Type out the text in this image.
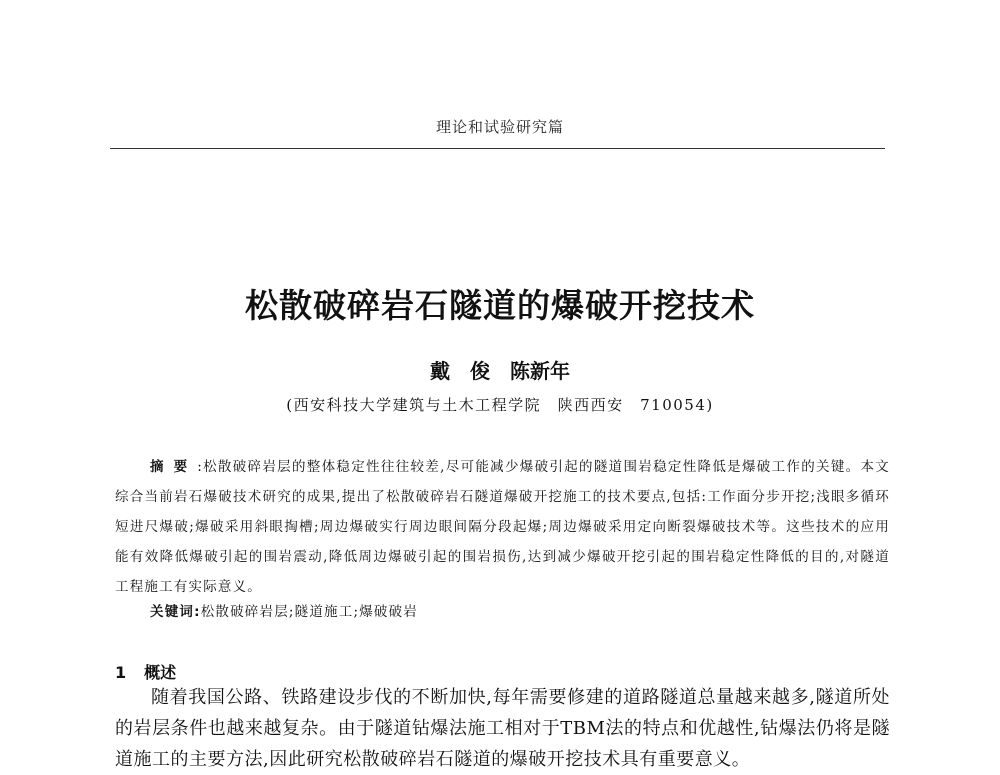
理论和试验研究篇
松散破碎岩石隧道的爆破开挖技术
戴　俊　陈新年
(西安科技大学建筑与土木工程学院　陕西西安　710054)
摘要:松散破碎岩层的整体稳定性往往较差,尽可能减少爆破引起的隧道围岩稳定性降低是爆破工作的关键。本文综合当前岩石爆破技术研究的成果,提出了松散破碎岩石隧道爆破开挖施工的技术要点,包括:工作面分步开挖;浅眼多循环短进尺爆破;爆破采用斜眼掏槽;周边爆破实行周边眼间隔分段起爆;周边爆破采用定向断裂爆破技术等。这些技术的应用能有效降低爆破引起的围岩震动,降低周边爆破引起的围岩损伤,达到减少爆破开挖引起的围岩稳定性降低的目的,对隧道工程施工有实际意义。
关键词:松散破碎岩层;隧道施工;爆破破岩
1 概述
随着我国公路、铁路建设步伐的不断加快,每年需要修建的道路隧道总量越来越多,隧道所处的岩层条件也越来越复杂。由于隧道钻爆法施工相对于TBM法的特点和优越性,钻爆法仍将是隧道施工的主要方法,因此研究松散破碎岩石隧道的爆破开挖技术具有重要意义。
